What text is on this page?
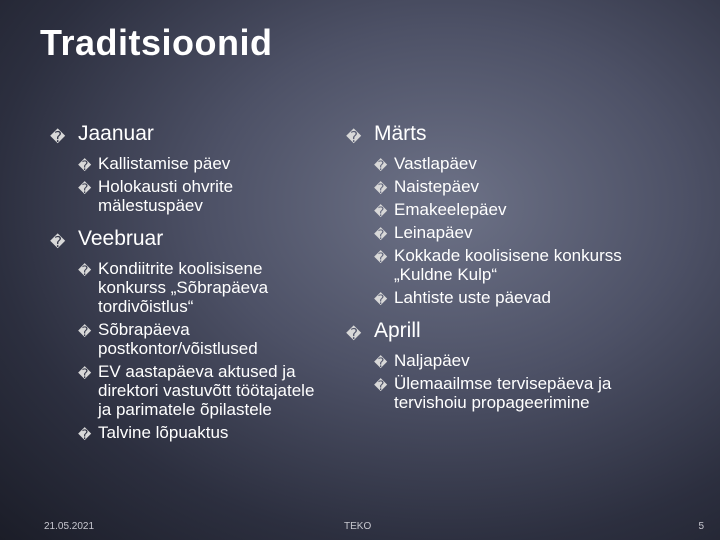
Traditsioonid
� Jaanuar
� Kallistamise päev
� Holokausti ohvrite mälestuspäev
� Veebruar
� Kondiitrite koolisisene konkurss „Sõbrapäeva tordivõistlus“
� Sõbrapäeva postkontor/võistlused
� EV aastapäeva aktused ja direktori vastuvõtt töötajatele ja parimatele õpilastele
� Talvine lõpuaktus
� Märts
� Vastlapäev
� Naistepäev
� Emakeelepäev
� Leinapäev
� Kokkade koolisisene konkurss „Kuldne Kulp“
� Lahtiste uste päevad
� Aprill
� Naljapäev
� Ülemaailmse tervisepäeva ja tervishoiu propageerimine
21.05.2021	TEKO	5
